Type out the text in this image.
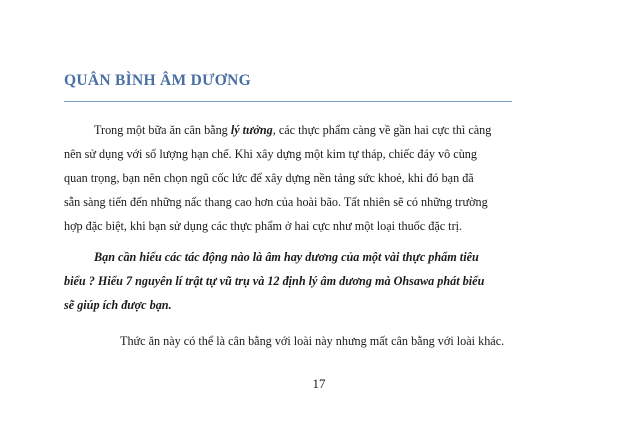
QUÂN BÌNH ÂM DƯƠNG
Trong một bữa ăn cân bằng lý tưởng, các thực phẩm càng về gần hai cực thì càng
nên sử dụng với số lượng hạn chế. Khi xây dựng một kim tự tháp, chiếc đáy vô cùng
quan trọng, bạn nên chọn ngũ cốc lức để xây dựng nền tảng sức khoẻ, khi đó bạn đã
sẵn sàng tiến đến những nấc thang cao hơn của hoài bão. Tất nhiên sẽ có những trường
hợp đặc biệt, khi bạn sử dụng các thực phẩm ở hai cực như một loại thuốc đặc trị.
Bạn cần hiểu các tác động nào là âm hay dương của một vài thực phẩm tiêu
biểu ? Hiểu 7 nguyên lí trật tự vũ trụ và 12 định lý âm dương mà Ohsawa phát biểu
sẽ giúp ích được bạn.
Thức ăn này có thể là cân bằng với loài này nhưng mất cân bằng với loài khác.
17
